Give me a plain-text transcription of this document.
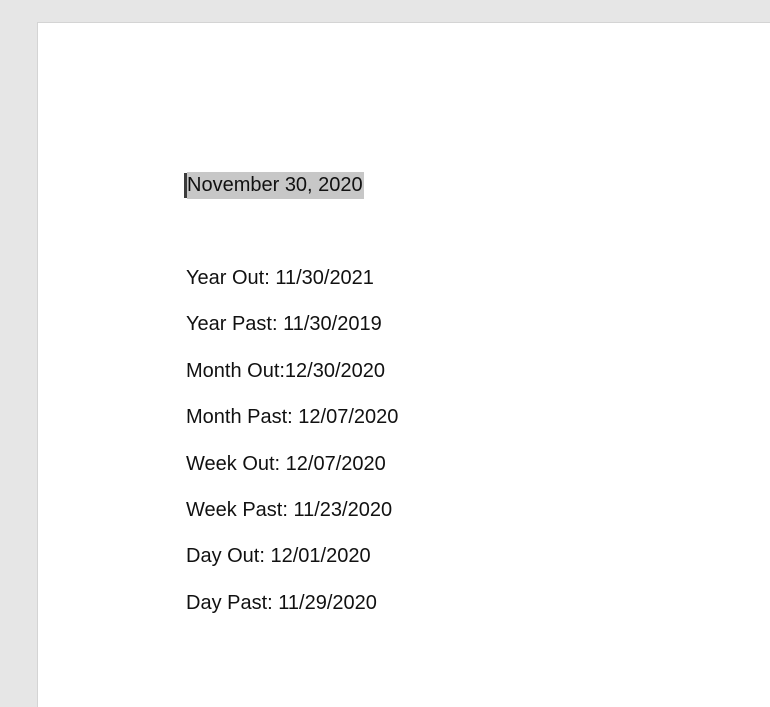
November 30, 2020
Year Out: 11/30/2021
Year Past: 11/30/2019
Month Out:12/30/2020
Month Past: 12/07/2020
Week Out: 12/07/2020
Week Past: 11/23/2020
Day Out: 12/01/2020
Day Past: 11/29/2020
